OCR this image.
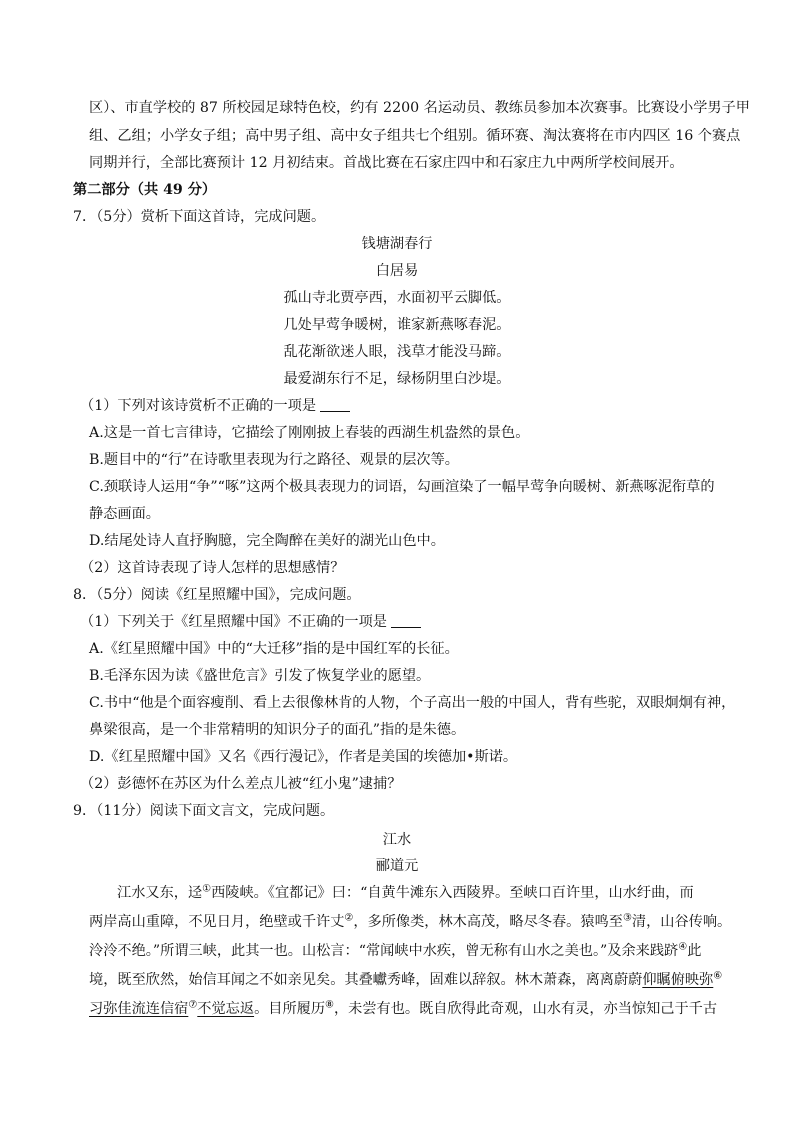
区）、市直学校的 87 所校园足球特色校，约有 2200 名运动员、教练员参加本次赛事。比赛设小学男子甲
组、乙组；小学女子组；高中男子组、高中女子组共七个组别。循环赛、淘汰赛将在市内四区 16 个赛点
同期并行，全部比赛预计 12 月初结束。首战比赛在石家庄四中和石家庄九中两所学校间展开。
第二部分（共 49 分）
7．（5分）赏析下面这首诗，完成问题。
钱塘湖春行
白居易
孤山寺北贾亭西，水面初平云脚低。
几处早莺争暖树，谁家新燕啄春泥。
乱花渐欲迷人眼，浅草才能没马蹄。
最爱湖东行不足，绿杨阴里白沙堤。
（1）下列对该诗赏析不正确的一项是
A.这是一首七言律诗，它描绘了刚刚披上春装的西湖生机盎然的景色。
B.题目中的“行”在诗歌里表现为行之路径、观景的层次等。
C.颈联诗人运用“争”“啄”这两个极具表现力的词语，勾画渲染了一幅早莺争向暖树、新燕啄泥衔草的
静态画面。
D.结尾处诗人直抒胸臆，完全陶醉在美好的湖光山色中。
（2）这首诗表现了诗人怎样的思想感情？
8．（5分）阅读《红星照耀中国》，完成问题。
（1）下列关于《红星照耀中国》不正确的一项是
A.《红星照耀中国》中的“大迁移”指的是中国红军的长征。
B.毛泽东因为读《盛世危言》引发了恢复学业的愿望。
C.书中“他是个面容瘦削、看上去很像林肯的人物，个子高出一般的中国人，背有些驼，双眼炯炯有神，
鼻梁很高，是一个非常精明的知识分子的面孔”指的是朱德。
D.《红星照耀中国》又名《西行漫记》，作者是美国的埃德加•斯诺。
（2）彭德怀在苏区为什么差点儿被“红小鬼”逮捕？
9．（11分）阅读下面文言文，完成问题。
江水
郦道元
江水又东，迳①西陵峡。《宜都记》曰：“自黄牛滩东入西陵界。至峡口百许里，山水纡曲，而
两岸高山重障，不见日月，绝壁或千许丈②，多所像类，林木高茂，略尽冬春。猿鸣至③清，山谷传响。
泠泠不绝。”所谓三峡，此其一也。山松言：“常闻峡中水疾，曾无称有山水之美也。”及余来践跻④此
境，既至欣然，始信耳闻之不如亲见矣。其叠巘秀峰，固难以辞叙。林木萧森，离离蔚蔚仰瞩俯映弥⑥
习弥佳流连信宿⑦不觉忘返。目所履历⑧，未尝有也。既自欣得此奇观，山水有灵，亦当惊知己于千古
